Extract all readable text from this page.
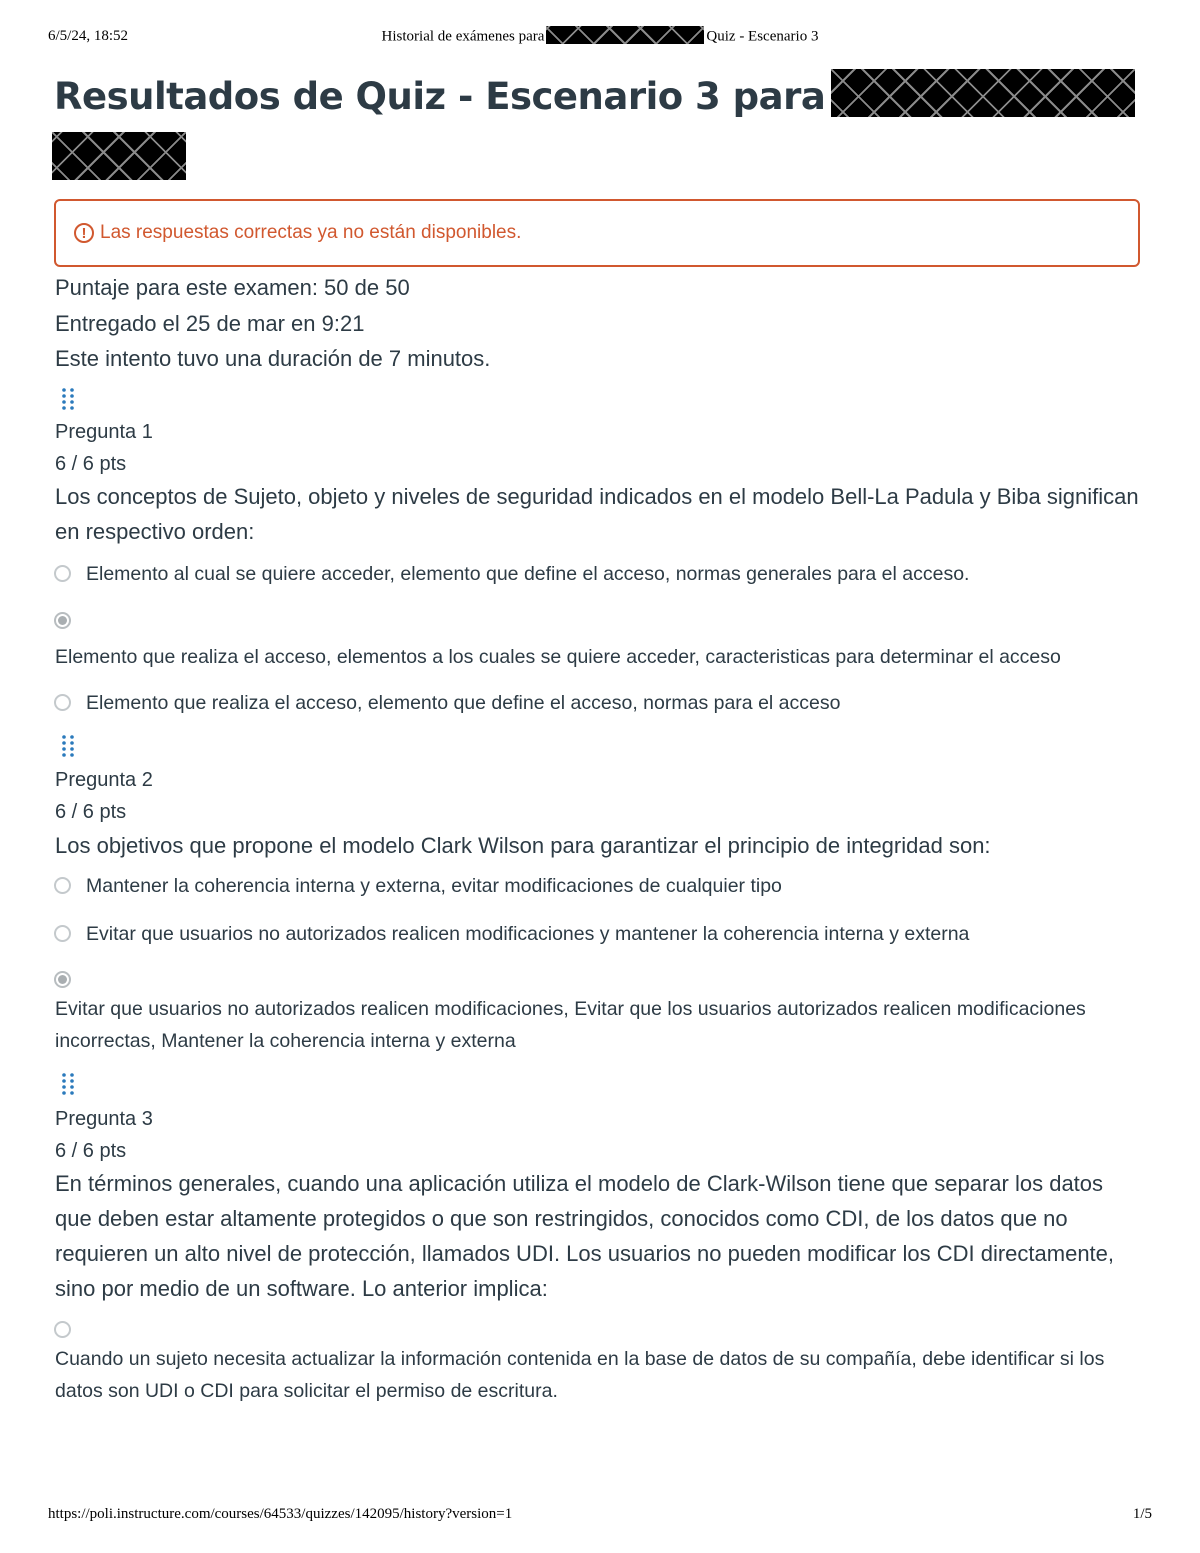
6/5/24, 18:52	Historial de exámenes para	Quiz - Escenario 3
Resultados de Quiz - Escenario 3 para
! Las respuestas correctas ya no están disponibles.
Puntaje para este examen: 50 de 50
Entregado el 25 de mar en 9:21
Este intento tuvo una duración de 7 minutos.
Pregunta 1
6 / 6 pts

Los conceptos de Sujeto, objeto y niveles de seguridad indicados en el modelo Bell-La Padula y Biba significan en respectivo orden:

Elemento al cual se quiere acceder, elemento que define el acceso, normas generales para el acceso.
Elemento que realiza el acceso, elementos a los cuales se quiere acceder, caracteristicas para determinar el acceso
Elemento que realiza el acceso, elemento que define el acceso, normas para el acceso
Pregunta 2
6 / 6 pts

Los objetivos que propone el modelo Clark Wilson para garantizar el principio de integridad son:

Mantener la coherencia interna y externa, evitar modificaciones de cualquier tipo
Evitar que usuarios no autorizados realicen modificaciones y mantener la coherencia interna y externa
Evitar que usuarios no autorizados realicen modificaciones, Evitar que los usuarios autorizados realicen modificaciones incorrectas, Mantener la coherencia interna y externa
Pregunta 3
6 / 6 pts

En términos generales, cuando una aplicación utiliza el modelo de Clark-Wilson tiene que separar los datos que deben estar altamente protegidos o que son restringidos, conocidos como CDI, de los datos que no requieren un alto nivel de protección, llamados UDI. Los usuarios no pueden modificar los CDI directamente, sino por medio de un software. Lo anterior implica:

Cuando un sujeto necesita actualizar la información contenida en la base de datos de su compañía, debe identificar si los datos son UDI o CDI para solicitar el permiso de escritura.
https://poli.instructure.com/courses/64533/quizzes/142095/history?version=1	1/5
